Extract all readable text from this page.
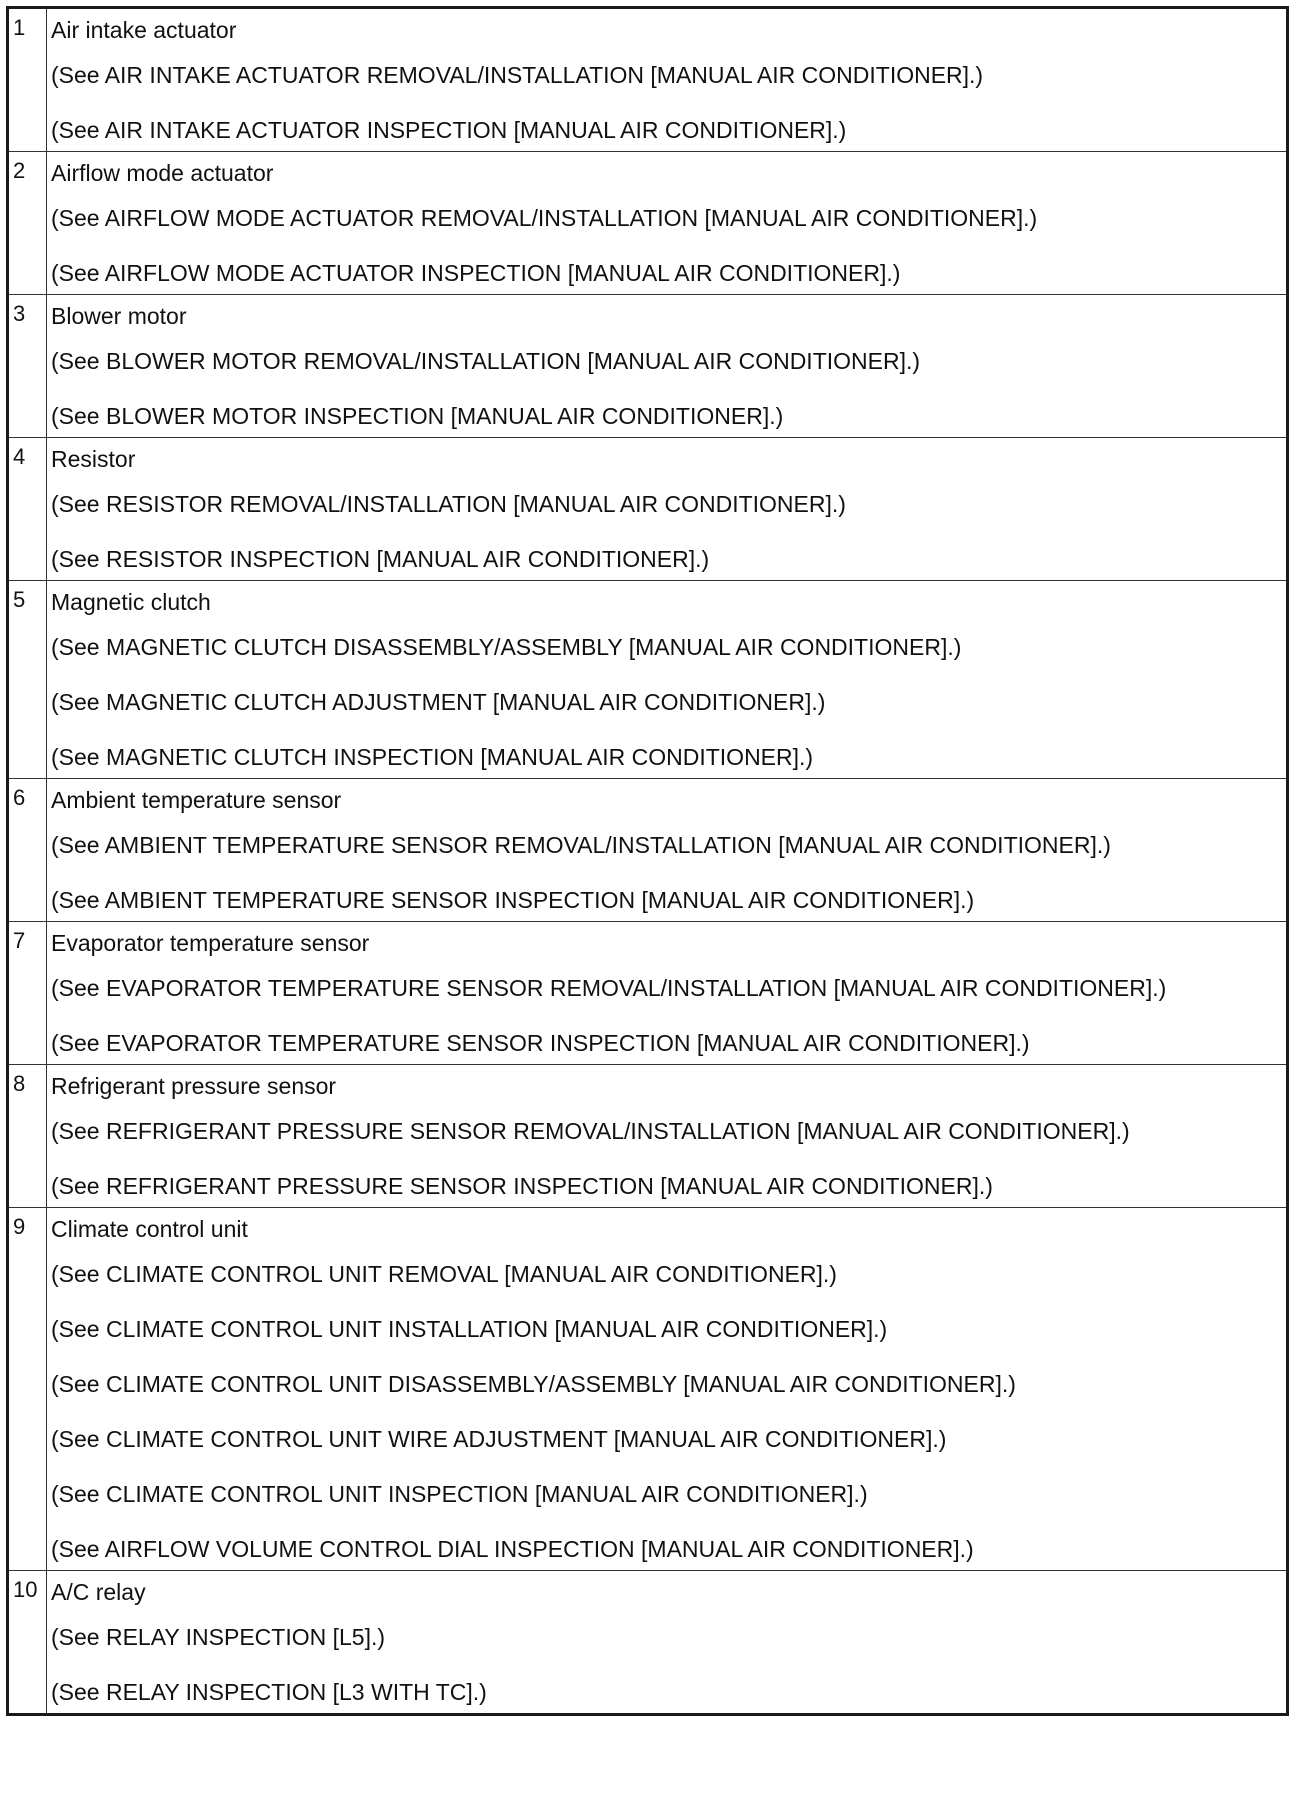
1	Air intake actuator
(See AIR INTAKE ACTUATOR REMOVAL/INSTALLATION [MANUAL AIR CONDITIONER].)
(See AIR INTAKE ACTUATOR INSPECTION [MANUAL AIR CONDITIONER].)
2	Airflow mode actuator
(See AIRFLOW MODE ACTUATOR REMOVAL/INSTALLATION [MANUAL AIR CONDITIONER].)
(See AIRFLOW MODE ACTUATOR INSPECTION [MANUAL AIR CONDITIONER].)
3	Blower motor
(See BLOWER MOTOR REMOVAL/INSTALLATION [MANUAL AIR CONDITIONER].)
(See BLOWER MOTOR INSPECTION [MANUAL AIR CONDITIONER].)
4	Resistor
(See RESISTOR REMOVAL/INSTALLATION [MANUAL AIR CONDITIONER].)
(See RESISTOR INSPECTION [MANUAL AIR CONDITIONER].)
5	Magnetic clutch
(See MAGNETIC CLUTCH DISASSEMBLY/ASSEMBLY [MANUAL AIR CONDITIONER].)
(See MAGNETIC CLUTCH ADJUSTMENT [MANUAL AIR CONDITIONER].)
(See MAGNETIC CLUTCH INSPECTION [MANUAL AIR CONDITIONER].)
6	Ambient temperature sensor
(See AMBIENT TEMPERATURE SENSOR REMOVAL/INSTALLATION [MANUAL AIR CONDITIONER].)
(See AMBIENT TEMPERATURE SENSOR INSPECTION [MANUAL AIR CONDITIONER].)
7	Evaporator temperature sensor
(See EVAPORATOR TEMPERATURE SENSOR REMOVAL/INSTALLATION [MANUAL AIR CONDITIONER].)
(See EVAPORATOR TEMPERATURE SENSOR INSPECTION [MANUAL AIR CONDITIONER].)
8	Refrigerant pressure sensor
(See REFRIGERANT PRESSURE SENSOR REMOVAL/INSTALLATION [MANUAL AIR CONDITIONER].)
(See REFRIGERANT PRESSURE SENSOR INSPECTION [MANUAL AIR CONDITIONER].)
9	Climate control unit
(See CLIMATE CONTROL UNIT REMOVAL [MANUAL AIR CONDITIONER].)
(See CLIMATE CONTROL UNIT INSTALLATION [MANUAL AIR CONDITIONER].)
(See CLIMATE CONTROL UNIT DISASSEMBLY/ASSEMBLY [MANUAL AIR CONDITIONER].)
(See CLIMATE CONTROL UNIT WIRE ADJUSTMENT [MANUAL AIR CONDITIONER].)
(See CLIMATE CONTROL UNIT INSPECTION [MANUAL AIR CONDITIONER].)
(See AIRFLOW VOLUME CONTROL DIAL INSPECTION [MANUAL AIR CONDITIONER].)
10 A/C relay
(See RELAY INSPECTION [L5].)
(See RELAY INSPECTION [L3 WITH TC].)
